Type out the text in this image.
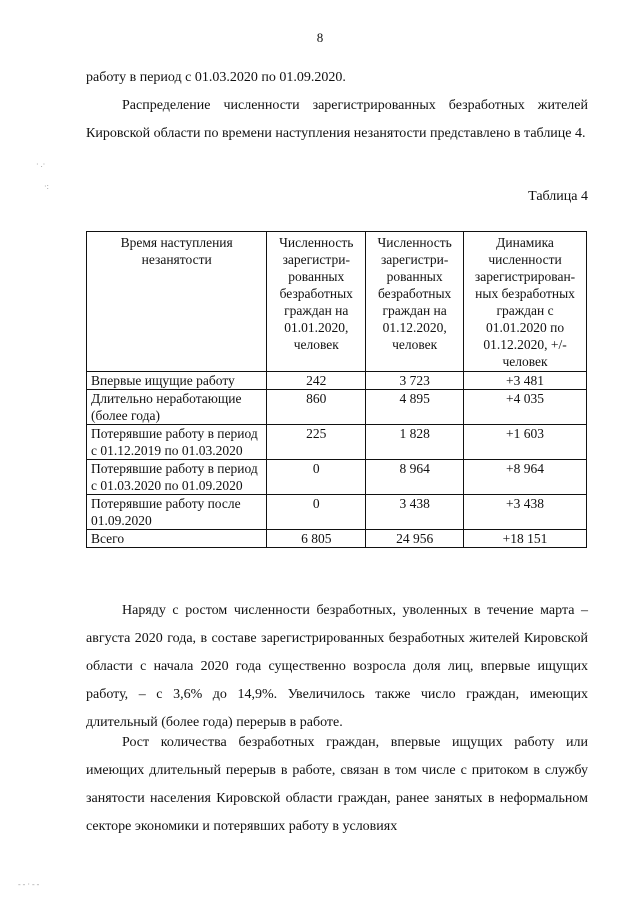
8
работу в период с 01.03.2020 по 01.09.2020.
Распределение численности зарегистрированных безработных жителей Кировской области по времени наступления незанятости представлено в таблице 4.
Таблица 4
Время наступления незанятости	Численность зарегистри-рованных безработных граждан на 01.01.2020, человек	Численность зарегистри-рованных безработных граждан на 01.12.2020, человек	Динамика численности зарегистрирован-ных безработных граждан с 01.01.2020 по 01.12.2020, +/- человек
Впервые ищущие работу	242	3 723	+3 481
Длительно неработающие (более года)	860	4 895	+4 035
Потерявшие работу в период с 01.12.2019 по 01.03.2020	225	1 828	+1 603
Потерявшие работу в период с 01.03.2020 по 01.09.2020	0	8 964	+8 964
Потерявшие работу после 01.09.2020	0	3 438	+3 438
Всего	6 805	24 956	+18 151
Наряду с ростом численности безработных, уволенных в течение марта – августа 2020 года, в составе зарегистрированных безработных жителей Кировской области с начала 2020 года существенно возросла доля лиц, впервые ищущих работу, – с 3,6% до 14,9%. Увеличилось также число граждан, имеющих длительный (более года) перерыв в работе.
Рост количества безработных граждан, впервые ищущих работу или имеющих длительный перерыв в работе, связан в том числе с притоком в службу занятости населения Кировской области граждан, ранее занятых в неформальном секторе экономики и потерявших работу в условиях
· .·
·:
- - · - -
